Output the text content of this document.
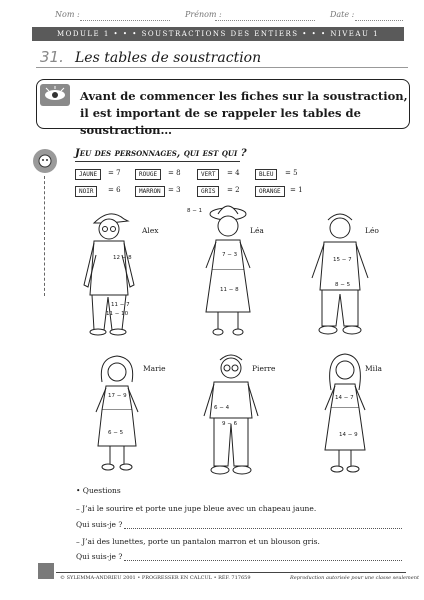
Nom :	Prénom :	Date :
MODULE 1 • • • SOUSTRACTIONS DES ENTIERS • • • NIVEAU 1
31. Les tables de soustraction
Avant de commencer les fiches sur la soustraction,
il est important de se rappeler les tables de soustraction…
Jeu des personnages, qui est qui ?
JAUNE	= 7	ROUGE	= 8	VERT	= 4	BLEU	= 5
NOIR	= 6	MARRON	= 3	GRIS	= 2	ORANGE	= 1
Alex
12 − 8
11 − 7
11 − 10
8 − 1
Léa
7 − 3
11 − 8
Léo
15 − 7
8 − 5
Marie
17 − 9
6 − 5
Pierre
6 − 4
9 − 6
Mila
14 − 7
14 − 9
• Questions
– J’ai le sourire et porte une jupe bleue avec un chapeau jaune.
Qui suis-je ?
– J’ai des lunettes, porte un pantalon marron et un blouson gris.
Qui suis-je ?
© SYLEMMA-ANDRIEU 2001 • PROGRESSER EN CALCUL • RÉF. 717659	Reproduction autorisée pour une classe seulement
